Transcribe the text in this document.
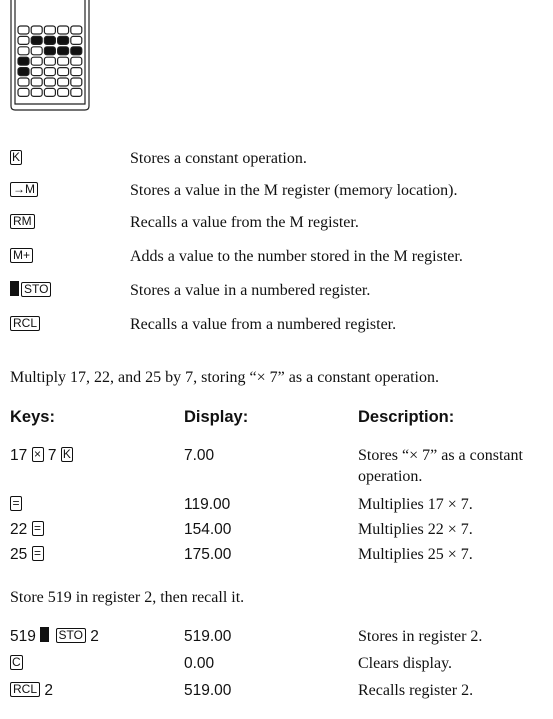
K	Stores a constant operation.
→M	Stores a value in the M register (memory location).
RM	Recalls a value from the M register.
M+	Adds a value to the number stored in the M register.
STO	Stores a value in a numbered register.
RCL	Recalls a value from a numbered register.
Multiply 17, 22, and 25 by 7, storing “× 7” as a constant operation.
Keys:	Display:	Description:
17 × 7 K	7.00	Stores “× 7” as a constant
operation.
=	119.00	Multiplies 17 × 7.
22 =	154.00	Multiplies 22 × 7.
25 =	175.00	Multiplies 25 × 7.
Store 519 in register 2, then recall it.
519 STO 2	519.00	Stores in register 2.
C	0.00	Clears display.
RCL 2	519.00	Recalls register 2.
